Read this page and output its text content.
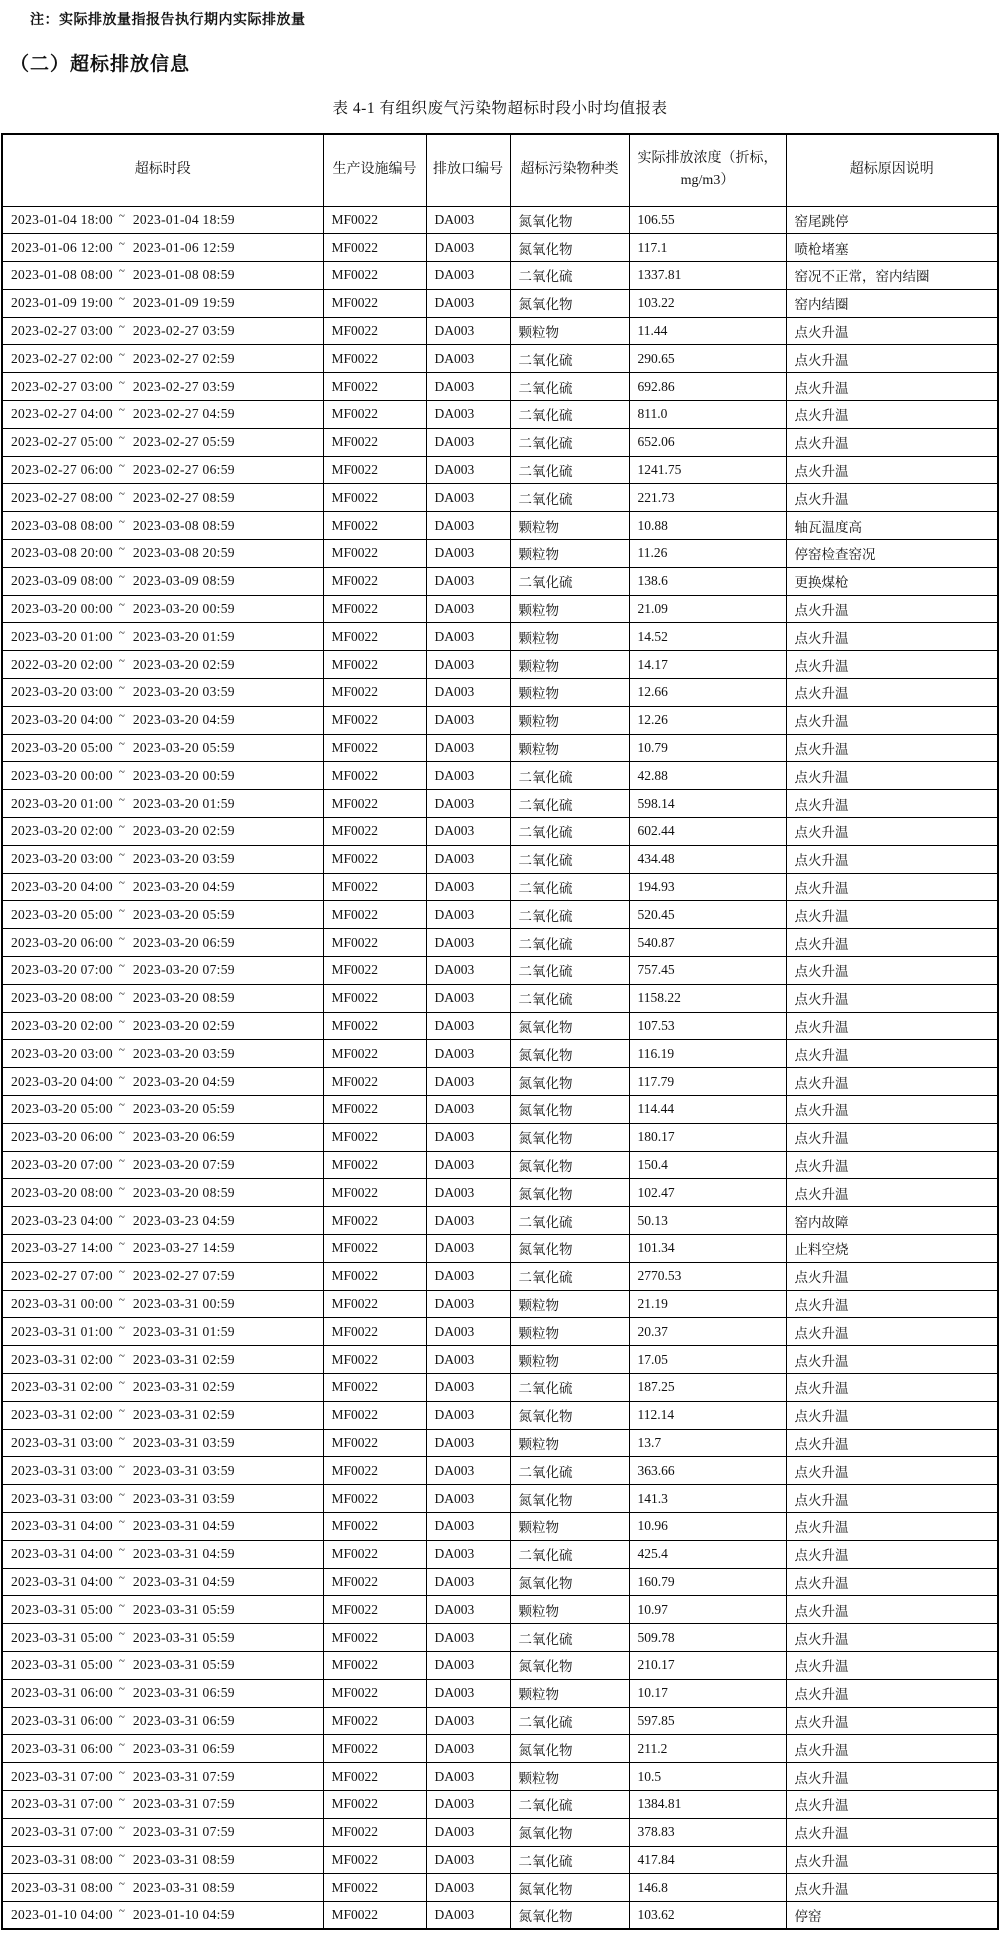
注：实际排放量指报告执行期内实际排放量
（二）超标排放信息
表 4-1 有组织废气污染物超标时段小时均值报表
超标时段	生产设施编号	排放口编号	超标污染物种类	实际排放浓度（折标，mg/m3）	超标原因说明
2023-01-04 18:00 ~ 2023-01-04 18:59	MF0022	DA003	氮氧化物	106.55	窑尾跳停
2023-01-06 12:00 ~ 2023-01-06 12:59	MF0022	DA003	氮氧化物	117.1	喷枪堵塞
2023-01-08 08:00 ~ 2023-01-08 08:59	MF0022	DA003	二氧化硫	1337.81	窑况不正常，窑内结圈
2023-01-09 19:00 ~ 2023-01-09 19:59	MF0022	DA003	氮氧化物	103.22	窑内结圈
2023-02-27 03:00 ~ 2023-02-27 03:59	MF0022	DA003	颗粒物	11.44	点火升温
2023-02-27 02:00 ~ 2023-02-27 02:59	MF0022	DA003	二氧化硫	290.65	点火升温
2023-02-27 03:00 ~ 2023-02-27 03:59	MF0022	DA003	二氧化硫	692.86	点火升温
2023-02-27 04:00 ~ 2023-02-27 04:59	MF0022	DA003	二氧化硫	811.0	点火升温
2023-02-27 05:00 ~ 2023-02-27 05:59	MF0022	DA003	二氧化硫	652.06	点火升温
2023-02-27 06:00 ~ 2023-02-27 06:59	MF0022	DA003	二氧化硫	1241.75	点火升温
2023-02-27 08:00 ~ 2023-02-27 08:59	MF0022	DA003	二氧化硫	221.73	点火升温
2023-03-08 08:00 ~ 2023-03-08 08:59	MF0022	DA003	颗粒物	10.88	轴瓦温度高
2023-03-08 20:00 ~ 2023-03-08 20:59	MF0022	DA003	颗粒物	11.26	停窑检查窑况
2023-03-09 08:00 ~ 2023-03-09 08:59	MF0022	DA003	二氧化硫	138.6	更换煤枪
2023-03-20 00:00 ~ 2023-03-20 00:59	MF0022	DA003	颗粒物	21.09	点火升温
2023-03-20 01:00 ~ 2023-03-20 01:59	MF0022	DA003	颗粒物	14.52	点火升温
2022-03-20 02:00 ~ 2023-03-20 02:59	MF0022	DA003	颗粒物	14.17	点火升温
2023-03-20 03:00 ~ 2023-03-20 03:59	MF0022	DA003	颗粒物	12.66	点火升温
2023-03-20 04:00 ~ 2023-03-20 04:59	MF0022	DA003	颗粒物	12.26	点火升温
2023-03-20 05:00 ~ 2023-03-20 05:59	MF0022	DA003	颗粒物	10.79	点火升温
2023-03-20 00:00 ~ 2023-03-20 00:59	MF0022	DA003	二氧化硫	42.88	点火升温
2023-03-20 01:00 ~ 2023-03-20 01:59	MF0022	DA003	二氧化硫	598.14	点火升温
2023-03-20 02:00 ~ 2023-03-20 02:59	MF0022	DA003	二氧化硫	602.44	点火升温
2023-03-20 03:00 ~ 2023-03-20 03:59	MF0022	DA003	二氧化硫	434.48	点火升温
2023-03-20 04:00 ~ 2023-03-20 04:59	MF0022	DA003	二氧化硫	194.93	点火升温
2023-03-20 05:00 ~ 2023-03-20 05:59	MF0022	DA003	二氧化硫	520.45	点火升温
2023-03-20 06:00 ~ 2023-03-20 06:59	MF0022	DA003	二氧化硫	540.87	点火升温
2023-03-20 07:00 ~ 2023-03-20 07:59	MF0022	DA003	二氧化硫	757.45	点火升温
2023-03-20 08:00 ~ 2023-03-20 08:59	MF0022	DA003	二氧化硫	1158.22	点火升温
2023-03-20 02:00 ~ 2023-03-20 02:59	MF0022	DA003	氮氧化物	107.53	点火升温
2023-03-20 03:00 ~ 2023-03-20 03:59	MF0022	DA003	氮氧化物	116.19	点火升温
2023-03-20 04:00 ~ 2023-03-20 04:59	MF0022	DA003	氮氧化物	117.79	点火升温
2023-03-20 05:00 ~ 2023-03-20 05:59	MF0022	DA003	氮氧化物	114.44	点火升温
2023-03-20 06:00 ~ 2023-03-20 06:59	MF0022	DA003	氮氧化物	180.17	点火升温
2023-03-20 07:00 ~ 2023-03-20 07:59	MF0022	DA003	氮氧化物	150.4	点火升温
2023-03-20 08:00 ~ 2023-03-20 08:59	MF0022	DA003	氮氧化物	102.47	点火升温
2023-03-23 04:00 ~ 2023-03-23 04:59	MF0022	DA003	二氧化硫	50.13	窑内故障
2023-03-27 14:00 ~ 2023-03-27 14:59	MF0022	DA003	氮氧化物	101.34	止料空烧
2023-02-27 07:00 ~ 2023-02-27 07:59	MF0022	DA003	二氧化硫	2770.53	点火升温
2023-03-31 00:00 ~ 2023-03-31 00:59	MF0022	DA003	颗粒物	21.19	点火升温
2023-03-31 01:00 ~ 2023-03-31 01:59	MF0022	DA003	颗粒物	20.37	点火升温
2023-03-31 02:00 ~ 2023-03-31 02:59	MF0022	DA003	颗粒物	17.05	点火升温
2023-03-31 02:00 ~ 2023-03-31 02:59	MF0022	DA003	二氧化硫	187.25	点火升温
2023-03-31 02:00 ~ 2023-03-31 02:59	MF0022	DA003	氮氧化物	112.14	点火升温
2023-03-31 03:00 ~ 2023-03-31 03:59	MF0022	DA003	颗粒物	13.7	点火升温
2023-03-31 03:00 ~ 2023-03-31 03:59	MF0022	DA003	二氧化硫	363.66	点火升温
2023-03-31 03:00 ~ 2023-03-31 03:59	MF0022	DA003	氮氧化物	141.3	点火升温
2023-03-31 04:00 ~ 2023-03-31 04:59	MF0022	DA003	颗粒物	10.96	点火升温
2023-03-31 04:00 ~ 2023-03-31 04:59	MF0022	DA003	二氧化硫	425.4	点火升温
2023-03-31 04:00 ~ 2023-03-31 04:59	MF0022	DA003	氮氧化物	160.79	点火升温
2023-03-31 05:00 ~ 2023-03-31 05:59	MF0022	DA003	颗粒物	10.97	点火升温
2023-03-31 05:00 ~ 2023-03-31 05:59	MF0022	DA003	二氧化硫	509.78	点火升温
2023-03-31 05:00 ~ 2023-03-31 05:59	MF0022	DA003	氮氧化物	210.17	点火升温
2023-03-31 06:00 ~ 2023-03-31 06:59	MF0022	DA003	颗粒物	10.17	点火升温
2023-03-31 06:00 ~ 2023-03-31 06:59	MF0022	DA003	二氧化硫	597.85	点火升温
2023-03-31 06:00 ~ 2023-03-31 06:59	MF0022	DA003	氮氧化物	211.2	点火升温
2023-03-31 07:00 ~ 2023-03-31 07:59	MF0022	DA003	颗粒物	10.5	点火升温
2023-03-31 07:00 ~ 2023-03-31 07:59	MF0022	DA003	二氧化硫	1384.81	点火升温
2023-03-31 07:00 ~ 2023-03-31 07:59	MF0022	DA003	氮氧化物	378.83	点火升温
2023-03-31 08:00 ~ 2023-03-31 08:59	MF0022	DA003	二氧化硫	417.84	点火升温
2023-03-31 08:00 ~ 2023-03-31 08:59	MF0022	DA003	氮氧化物	146.8	点火升温
2023-01-10 04:00 ~ 2023-01-10 04:59	MF0022	DA003	氮氧化物	103.62	停窑
